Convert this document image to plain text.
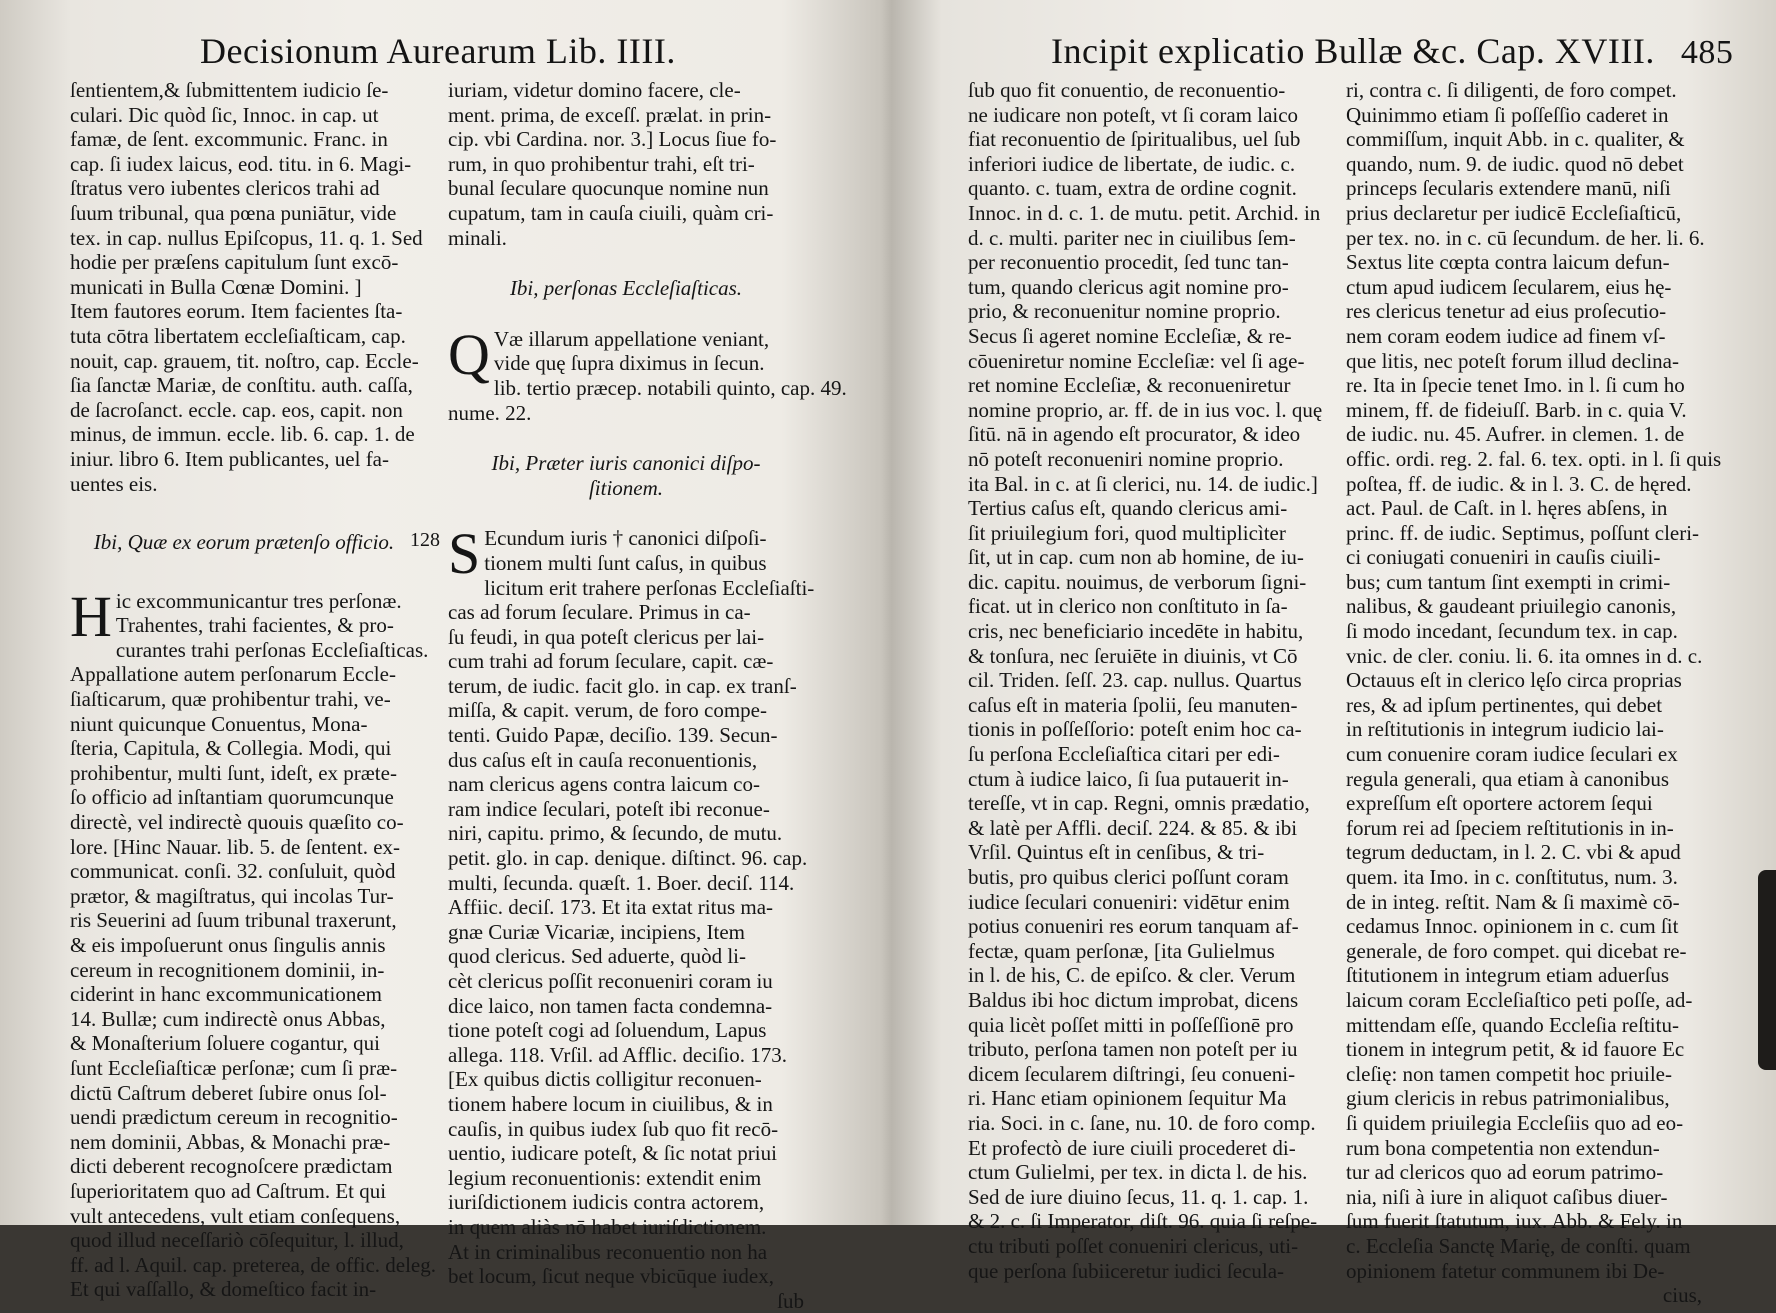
Decisionum Aurearum Lib. IIII.
ſentientem,& ſubmittentem iudicio ſe-
culari. Dic quòd ſic, Innoc. in cap. ut
famæ, de ſent. excommunic. Franc. in
cap. ſi iudex laicus, eod. titu. in 6. Magi-
ſtratus vero iubentes clericos trahi ad
ſuum tribunal, qua pœna puniātur, vide
tex. in cap. nullus Epiſcopus, 11. q. 1. Sed
hodie per præſens capitulum ſunt excō-
municati in Bulla Cœnæ Domini. ]
Item fautores eorum. Item facientes ſta-
tuta cōtra libertatem eccleſiaſticam, cap.
nouit, cap. grauem, tit. noſtro, cap. Eccle-
ſia ſanctæ Mariæ, de conſtitu. auth. caſſa,
de ſacroſanct. eccle. cap. eos, capit. non
minus, de immun. eccle. lib. 6. cap. 1. de
iniur. libro 6. Item publicantes, uel fa-
uentes eis.
Ibi, Quæ ex eorum prætenſo officio.
H ic excommunicantur tres perſonæ.
Trahentes, trahi facientes, & pro-
curantes trahi perſonas Eccleſiaſticas.
Appallatione autem perſonarum Eccle-
ſiaſticarum, quæ prohibentur trahi, ve-
niunt quicunque Conuentus, Mona-
ſteria, Capitula, & Collegia. Modi, qui
prohibentur, multi ſunt, ideſt, ex præte-
ſo officio ad inſtantiam quorumcunque
directè, vel indirectè quouis quæſito co-
lore. [Hinc Nauar. lib. 5. de ſentent. ex-
communicat. conſi. 32. conſuluit, quòd
prætor, & magiſtratus, qui incolas Tur-
ris Seuerini ad ſuum tribunal traxerunt,
& eis impoſuerunt onus ſingulis annis
cereum in recognitionem dominii, in-
ciderint in hanc excommunicationem
14. Bullæ; cum indirectè onus Abbas,
& Monaſterium ſoluere cogantur, qui
ſunt Eccleſiaſticæ perſonæ; cum ſi præ-
dictū Caſtrum deberet ſubire onus ſol-
uendi prædictum cereum in recognitio-
nem dominii, Abbas, & Monachi præ-
dicti deberent recognoſcere prædictam
ſuperioritatem quo ad Caſtrum. Et qui
vult antecedens, vult etiam conſequens,
quod illud neceſſariò cōſequitur, l. illud,
ff. ad l. Aquil. cap. preterea, de offic. deleg.
Et qui vaſſallo, & domeſtico facit in-
iuriam, videtur domino facere, cle-
ment. prima, de exceſſ. prælat. in prin-
cip. vbi Cardina. nor. 3.] Locus ſiue fo-
rum, in quo prohibentur trahi, eſt tri-
bunal ſeculare quocunque nomine nun
cupatum, tam in cauſa ciuili, quàm cri-
minali.
Ibi, perſonas Eccleſiaſticas.
Q Væ illarum appellatione veniant,
vide quę ſupra diximus in ſecun.
lib. tertio præcep. notabili quinto, cap. 49.
nume. 22.
Ibi, Præter iuris canonici diſpo-
ſitionem.
128 S Ecundum iuris † canonici diſpoſi-
tionem multi ſunt caſus, in quibus
licitum erit trahere perſonas Eccleſiaſti-
cas ad forum ſeculare. Primus in ca-
ſu feudi, in qua poteſt clericus per lai-
cum trahi ad forum ſeculare, capit. cæ-
terum, de iudic. facit glo. in cap. ex tranſ-
miſſa, & capit. verum, de foro compe-
tenti. Guido Papæ, deciſio. 139. Secun-
dus caſus eſt in cauſa reconuentionis,
nam clericus agens contra laicum co-
ram indice ſeculari, poteſt ibi reconue-
niri, capitu. primo, & ſecundo, de mutu.
petit. glo. in cap. denique. diſtinct. 96. cap.
multi, ſecunda. quæſt. 1. Boer. deciſ. 114.
Affiic. deciſ. 173. Et ita extat ritus ma-
gnæ Curiæ Vicariæ, incipiens, Item
quod clericus. Sed aduerte, quòd li-
cèt clericus poſſit reconueniri coram iu
dice laico, non tamen facta condemna-
tione poteſt cogi ad ſoluendum, Lapus
allega. 118. Vrſil. ad Afflic. deciſio. 173.
[Ex quibus dictis colligitur reconuen-
tionem habere locum in ciuilibus, & in
cauſis, in quibus iudex ſub quo fit recō-
uentio, iudicare poteſt, & ſic notat priui
legium reconuentionis: extendit enim
iuriſdictionem iudicis contra actorem,
in quem aliàs nō habet iuriſdictionem.
At in criminalibus reconuentio non ha
bet locum, ſicut neque vbicūque iudex,
ſub
Incipit explicatio Bullæ &c. Cap. XVIII. 485
ſub quo fit conuentio, de reconuentio-
ne iudicare non poteſt, vt ſi coram laico
fiat reconuentio de ſpiritualibus, uel ſub
inferiori iudice de libertate, de iudic. c.
quanto. c. tuam, extra de ordine cognit.
Innoc. in d. c. 1. de mutu. petit. Archid. in
d. c. multi. pariter nec in ciuilibus ſem-
per reconuentio procedit, ſed tunc tan-
tum, quando clericus agit nomine pro-
prio, & reconuenitur nomine proprio.
Secus ſi ageret nomine Eccleſiæ, & re-
cōueniretur nomine Eccleſiæ: vel ſi age-
ret nomine Eccleſiæ, & reconueniretur
nomine proprio, ar. ff. de in ius voc. l. quę
ſitū. nā in agendo eſt procurator, & ideo
nō poteſt reconueniri nomine proprio.
ita Bal. in c. at ſi clerici, nu. 14. de iudic.]
Tertius caſus eſt, quando clericus ami-
ſit priuilegium fori, quod multiplicìter
ſit, ut in cap. cum non ab homine, de iu-
dic. capitu. nouimus, de verborum ſigni-
ficat. ut in clerico non conſtituto in ſa-
cris, nec beneficiario incedēte in habitu,
& tonſura, nec ſeruiēte in diuinis, vt Cō
cil. Triden. ſeſſ. 23. cap. nullus. Quartus
caſus eſt in materia ſpolii, ſeu manuten-
tionis in poſſeſſorio: poteſt enim hoc ca-
ſu perſona Eccleſiaſtica citari per edi-
ctum à iudice laico, ſi ſua putauerit in-
tereſſe, vt in cap. Regni, omnis prædatio,
& latè per Affli. deciſ. 224. & 85. & ibi
Vrſil. Quintus eſt in cenſibus, & tri-
butis, pro quibus clerici poſſunt coram
iudice ſeculari conueniri: vidētur enim
potius conueniri res eorum tanquam af-
fectæ, quam perſonæ, [ita Gulielmus
in l. de his, C. de epiſco. & cler. Verum
Baldus ibi hoc dictum improbat, dicens
quia licèt poſſet mitti in poſſeſſionē pro
tributo, perſona tamen non poteſt per iu
dicem ſecularem diſtringi, ſeu conueni-
ri. Hanc etiam opinionem ſequitur Ma
ria. Soci. in c. ſane, nu. 10. de foro comp.
Et profectò de iure ciuili procederet di-
ctum Gulielmi, per tex. in dicta l. de his.
Sed de iure diuino ſecus, 11. q. 1. cap. 1.
& 2. c. ſi Imperator, diſt. 96. quia ſi reſpe-
ctu tributi poſſet conueniri clericus, uti-
que perſona ſubiiceretur iudici ſecula-
ri, contra c. ſi diligenti, de foro compet.
Quinimmo etiam ſi poſſeſſio caderet in
commiſſum, inquit Abb. in c. qualiter, &
quando, num. 9. de iudic. quod nō debet
princeps ſecularis extendere manū, niſi
prius declaretur per iudicē Eccleſiaſticū,
per tex. no. in c. cū ſecundum. de her. li. 6.
Sextus lite cœpta contra laicum defun-
ctum apud iudicem ſecularem, eius hę-
res clericus tenetur ad eius proſecutio-
nem coram eodem iudice ad finem vſ-
que litis, nec poteſt forum illud declina-
re. Ita in ſpecie tenet Imo. in l. ſi cum ho
minem, ff. de fideiuſſ. Barb. in c. quia V.
de iudic. nu. 45. Aufrer. in clemen. 1. de
offic. ordi. reg. 2. fal. 6. tex. opti. in l. ſi quis
poſtea, ff. de iudic. & in l. 3. C. de hęred.
act. Paul. de Caſt. in l. hęres abſens, in
princ. ff. de iudic. Septimus, poſſunt cleri-
ci coniugati conueniri in cauſis ciuili-
bus; cum tantum ſint exempti in crimi-
nalibus, & gaudeant priuilegio canonis,
ſi modo incedant, ſecundum tex. in cap.
vnic. de cler. coniu. li. 6. ita omnes in d. c.
Octauus eſt in clerico lęſo circa proprias
res, & ad ipſum pertinentes, qui debet
in reſtitutionis in integrum iudicio lai-
cum conuenire coram iudice ſeculari ex
regula generali, qua etiam à canonibus
expreſſum eſt oportere actorem ſequi
forum rei ad ſpeciem reſtitutionis in in-
tegrum deductam, in l. 2. C. vbi & apud
quem. ita Imo. in c. conſtitutus, num. 3.
de in integ. reſtit. Nam & ſi maximè cō-
cedamus Innoc. opinionem in c. cum ſit
generale, de foro compet. qui dicebat re-
ſtitutionem in integrum etiam aduerſus
laicum coram Eccleſiaſtico peti poſſe, ad-
mittendam eſſe, quando Eccleſia reſtitu-
tionem in integrum petit, & id fauore Ec
cleſię: non tamen competit hoc priuile-
gium clericis in rebus patrimonialibus,
ſi quidem priuilegia Eccleſiis quo ad eo-
rum bona competentia non extendun-
tur ad clericos quo ad eorum patrimo-
nia, niſi à iure in aliquot caſibus diuer-
ſum fuerit ſtatutum, iux. Abb. & Fely. in
c. Eccleſia Sanctę Marię, de conſti. quam
opinionem fatetur communem ibi De-
cius,
